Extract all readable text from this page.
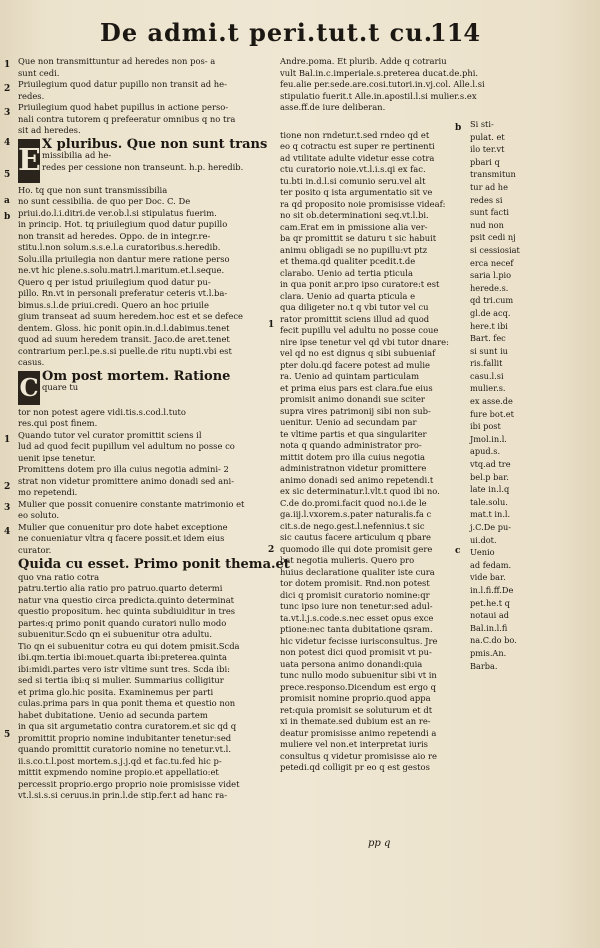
De admi.t peri.tut.t cu.
114
1
2
3
4
5
a
b
1
2
3
4
5
Que non transmittuntur ad heredes non pos- a
sunt cedi.
Priuilegium quod datur pupillo non transit ad he-
redes.
Priuilegium quod habet pupillus in actione perso-
nali contra tutorem q prefeeratur omnibus q no tra
sit ad heredes.
E X pluribus. Que non sunt trans
missibilia ad he-
redes per cessione non transeunt. h.p. heredib.
Ho. tq que non sunt transmissibilia
no sunt cessibilia. de quo per Doc. C. De
priui.do.l.i.ditri.de ver.ob.l.si stipulatus fuerim.
in princip. Hot. tq priuilegium quod datur pupillo
non transit ad heredes. Oppo. de in integr.re-
stitu.l.non solum.s.s.e.l.a curatoribus.s.heredib.
Solu.illa priuilegia non dantur mere ratione perso
ne.vt hic plene.s.solu.matri.l.maritum.et.l.seque.
Quero q per istud priuilegium quod datur pu-
pillo. Rn.vt in personali preferatur ceteris vt.l.ba-
bimus.s.l.de priui.credi. Quero an hoc priuile
gium transeat ad suum heredem.hoc est et se defece
dentem. Gloss. hic ponit opin.in.d.l.dabimus.tenet
quod ad suum heredem transit. Jaco.de aret.tenet
contrarium per.l.pe.s.si puelle.de ritu nupti.vbi est
casus.
C Om post mortem. Ratione
quare tu
tor non potest agere vidi.tis.s.cod.l.tuto
res.qui post finem.
Quando tutor vel curator promittit sciens il
lud ad quod fecit pupillum vel adultum no posse co
uenit ipse tenetur.
Promittens dotem pro illa cuius negotia admini- 2
strat non videtur promittere animo donadi sed ani-
mo repetendi.
Mulier que possit conuenire constante matrimonio et
eo soluto.
Mulier que conuenitur pro dote habet exceptione
ne conueniatur vltra q facere possit.et idem eius
curator.
Quida cu esset. Primo ponit thema.et
quo vna ratio cotra
patru.tertio alia ratio pro patruo.quarto determi
natur vna questio circa predicta.quinto determinat
questio propositum. hec quinta subdiuiditur in tres
partes:q primo ponit quando curatori nullo modo
subuenitur.Scdo qn ei subuenitur otra adultu.
Tio qn ei subuenitur cotra eu qui dotem pmisit.Scda
ibi.qm.tertia ibi:mouet.quarta ibi:preterea.quinta
ibi:midi.partes vero istr vltime sunt tres. Scda ibi:
sed si tertia ibi:q si mulier. Summarius colligitur
et prima glo.hic posita. Examinemus per parti
culas.prima pars in qua ponit thema et questio non
habet dubitatione. Uenio ad secunda partem
in qua sit argumetatio contra curatorem.et sic qd q
promittit proprio nomine indubitanter tenetur:sed
quando promittit curatorio nomine no tenetur.vt.l.
ii.s.co.t.l.post mortem.s.j.j.qd et fac.tu.fed hic p-
mittit expmendo nomine propio.et appellatio:et
percessit proprio.ergo proprio noie promisisse videt
vt.l.si.s.si ceruus.in prin.l.de stip.fer.t ad hanc ra-
1
2
Andre.poma. Et plurib. Adde q cotrariu
vult Bal.in.c.imperiale.s.preterea ducat.de.phi.
feu.alie per.sede.are.cosi.tutori.in.vj.col. Alle.l.si
stipulatio fuerit.t Alle.in.apostil.l.si mulier.s.ex
asse.ff.de iure deliberan.
tione non rndetur.t.sed rndeo qd et
eo q cotractu est super re pertinenti
ad vtilitate adulte videtur esse cotra
ctu curatorio noie.vt.l.i.s.qi ex fac.
tu.bti in.d.l.si comunio seru.vel alt
ter posito q ista argumentatio sit ve
ra qd proposito noie promisisse videaf:
no sit ob.determinationi seq.vt.l.bi.
cam.Erat em in pmissione alia ver-
ba qr promittit se daturu t sic habuit
animu obligadi se no pupillu:vt ptz
et thema.qd qualiter pcedit.t.de
clarabo. Uenio ad tertia pticula
in qua ponit ar.pro ipso curatore:t est
clara. Uenio ad quarta pticula e
qua diligeter no.t q vbi tutor vel cu
rator promittit sciens illud ad quod
fecit pupillu vel adultu no posse coue
nire ipse tenetur vel qd vbi tutor dnare:
vel qd no est dignus q sibi subueniaf
pter dolu.qd facere potest ad mulie
ra. Uenio ad quintam particulam
et prima eius pars est clara.fue eius
promisit animo donandi sue sciter
supra vires patrimonij sibi non sub-
uenitur. Uenio ad secundam par
te vltime partis et qua singulariter
nota q quando administrator pro-
mittit dotem pro illa cuius negotia
administratnon videtur promittere
animo donadi sed animo repetendi.t
ex sic determinatur.l.vlt.t quod ibi no.
C.de do.promi.facit quod no.i.de le
ga.iij.l.vxorem.s.pater naturalis.fa c
cit.s.de nego.gest.l.nefennius.t sic
sic cautus facere articulum q pbare
quomodo ille qui dote promisit gere
bat negotia mulieris. Quero pro
huius declaratione qualiter iste cura
tor dotem promisit. Rnd.non potest
dici q promisit curatorio nomine:qr
tunc ipso iure non tenetur:sed adul-
ta.vt.l.j.s.code.s.nec esset opus exce
ptione:nec tanta dubitatione qsram.
hic videtur fecisse iurisconsultus. Jre
non potest dici quod promisit vt pu-
uata persona animo donandi:quia
tunc nullo modo subuenitur sibi vt in
prece.responso.Dicendum est ergo q
promisit nomine proprio.quod appa
ret:quia promisit se soluturum et dt
xi in themate.sed dubium est an re-
deatur promisisse animo repetendi a
muliere vel non.et interpretat iuris
consultus q videtur promisisse aio re
petedi.qd colligit pr eo q est gestos
b
c
Si sti-
pulat. et
ilo ter.vt
pbari q
transmitun
tur ad he
redes si
sunt facti
nud non
psit cedi nj
si cessiosiat
erca necef
saria l.pio
herede.s.
qd tri.cum
gl.de acq.
here.t ibi
Bart. fec
si sunt iu
ris.fallit
casu.l.si
mulier.s.
ex asse.de
fure bot.et
ibi post
Jmol.in.l.
apud.s.
vtq.ad tre
bel.p bar.
late in.l.q
tale.solu.
mat.t in.l.
j.C.De pu-
ui.dot.
Uenio
ad fedam.
vide bar.
in.l.fi.ff.De
pet.he.t q
notaui ad
Bal.in.l.fi
na.C.do bo.
pmis.An.
Barba.
pp q
